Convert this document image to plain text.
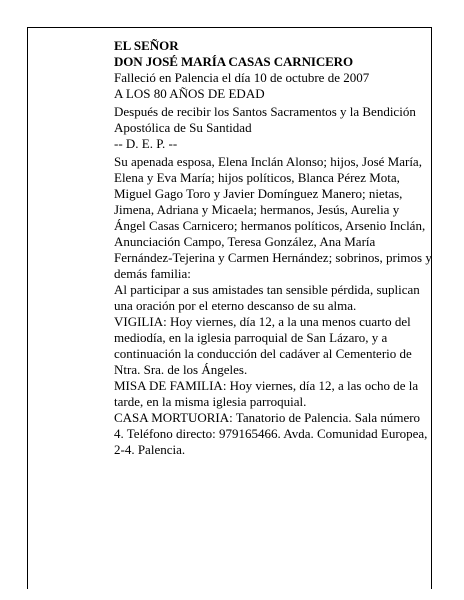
EL SEÑOR

DON JOSÉ MARÍA CASAS CARNICERO

Falleció en Palencia el día 10 de octubre de 2007

A LOS 80 AÑOS DE EDAD

Después de recibir los Santos Sacramentos y la Bendición Apostólica de Su Santidad

-- D. E. P. --

Su apenada esposa, Elena Inclán Alonso; hijos, José María, Elena y Eva María; hijos políticos, Blanca Pérez Mota, Miguel Gago Toro y Javier Domínguez Manero; nietas, Jimena, Adriana y Micaela; hermanos, Jesús, Aurelia y Ángel Casas Carnicero; hermanos políticos, Arsenio Inclán, Anunciación Campo, Teresa González, Ana María Fernández-Tejerina y Carmen Hernández; sobrinos, primos y demás familia:

Al participar a sus amistades tan sensible pérdida, suplican una oración por el eterno descanso de su alma.

VIGILIA: Hoy viernes, día 12, a la una menos cuarto del mediodía, en la iglesia parroquial de San Lázaro, y a continuación la conducción del cadáver al Cementerio de Ntra. Sra. de los Ángeles.

MISA DE FAMILIA: Hoy viernes, día 12, a las ocho de la tarde, en la misma iglesia parroquial.

CASA MORTUORIA: Tanatorio de Palencia. Sala número 4. Teléfono directo: 979165466. Avda. Comunidad Europea, 2-4. Palencia.
